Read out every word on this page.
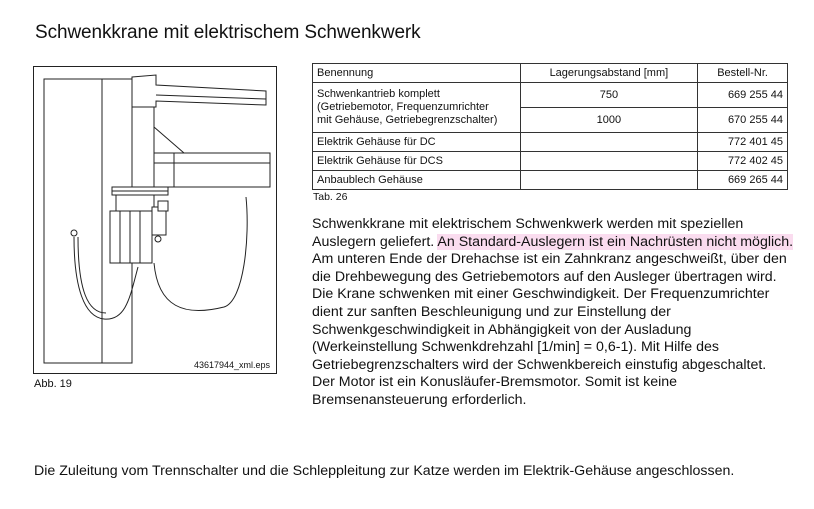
Schwenkkrane mit elektrischem Schwenkwerk
43617944_xml.eps
Abb. 19
Benennung	Lagerungsabstand [mm]	Bestell-Nr.

Schwenkantrieb komplett
(Getriebemotor, Frequenzumrichter
mit Gehäuse, Getriebegrenzschalter)	750	669 255 44
	1000	670 255 44
Elektrik Gehäuse für DC		772 401 45
Elektrik Gehäuse für DCS		772 402 45
Anbaublech Gehäuse		669 265 44
Tab. 26

Schwenkkrane mit elektrischem Schwenkwerk werden mit speziellen Auslegern geliefert. An Standard-Auslegern ist ein Nachrüsten nicht möglich.

Am unteren Ende der Drehachse ist ein Zahnkranz angeschweißt, über den die Drehbewegung des Getriebemotors auf den Ausleger übertragen wird.

Die Krane schwenken mit einer Geschwindigkeit. Der Frequenzumrichter dient zur sanften Beschleunigung und zur Einstellung der Schwenkgeschwindigkeit in Abhängigkeit von der Ausladung (Werkeinstellung Schwenkdrehzahl [1/min] = 0,6-1). Mit Hilfe des Getriebegrenzschalters wird der Schwenkbereich einstufig abgeschaltet.

Der Motor ist ein Konusläufer-Bremsmotor. Somit ist keine Bremsenansteuerung erforderlich.

Die Zuleitung vom Trennschalter und die Schleppleitung zur Katze werden im Elektrik-Gehäuse angeschlossen.
